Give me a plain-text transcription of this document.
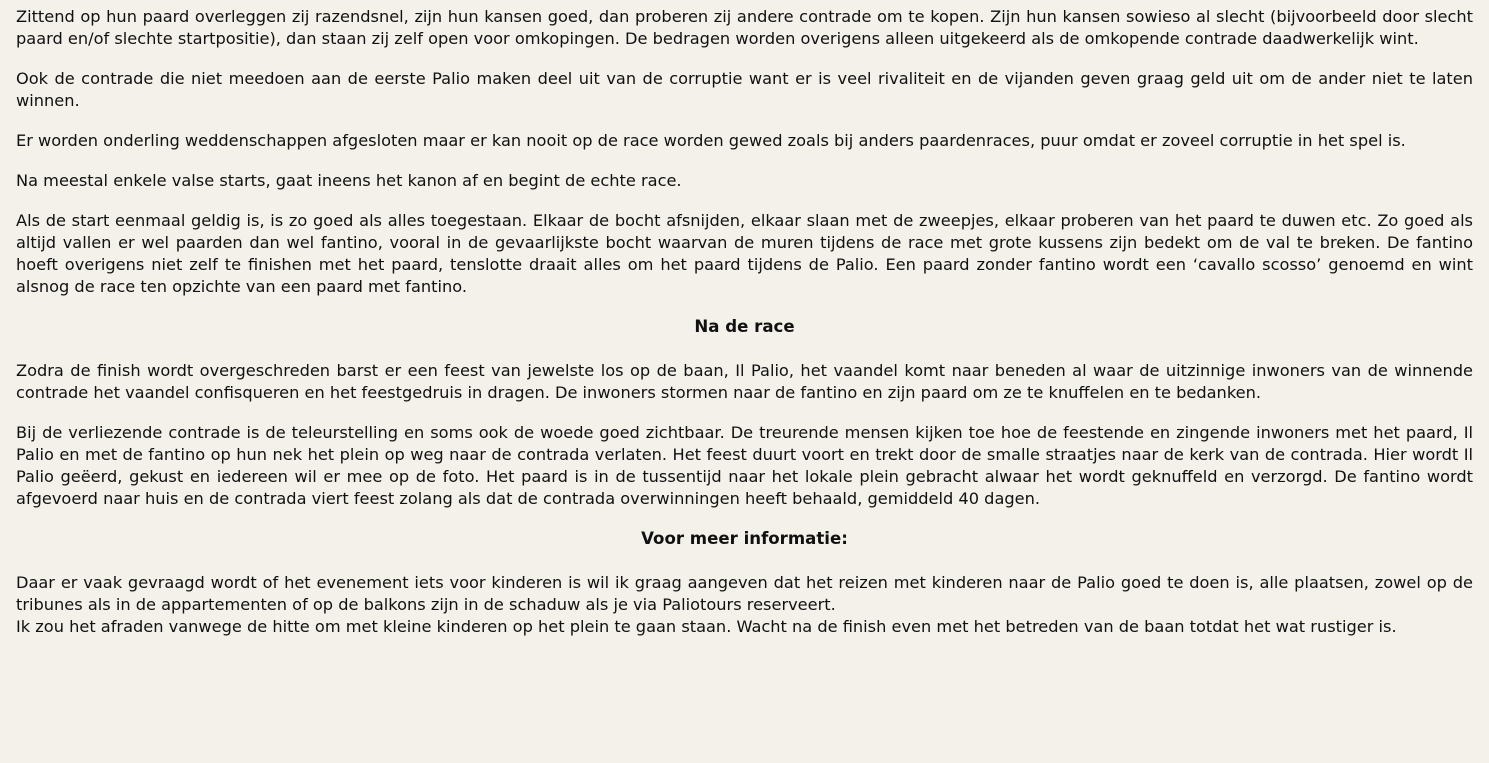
Zittend op hun paard overleggen zij razendsnel, zijn hun kansen goed, dan proberen zij andere contrade om te kopen. Zijn hun kansen sowieso al slecht (bijvoorbeeld door slecht paard en/of slechte startpositie), dan staan zij zelf open voor omkopingen. De bedragen worden overigens alleen uitgekeerd als de omkopende contrade daadwerkelijk wint.

Ook de contrade die niet meedoen aan de eerste Palio maken deel uit van de corruptie want er is veel rivaliteit en de vijanden geven graag geld uit om de ander niet te laten winnen.

Er worden onderling weddenschappen afgesloten maar er kan nooit op de race worden gewed zoals bij anders paardenraces, puur omdat er zoveel corruptie in het spel is.

Na meestal enkele valse starts, gaat ineens het kanon af en begint de echte race.

Als de start eenmaal geldig is, is zo goed als alles toegestaan. Elkaar de bocht afsnijden, elkaar slaan met de zweepjes, elkaar proberen van het paard te duwen etc. Zo goed als altijd vallen er wel paarden dan wel fantino, vooral in de gevaarlijkste bocht waarvan de muren tijdens de race met grote kussens zijn bedekt om de val te breken. De fantino hoeft overigens niet zelf te finishen met het paard, tenslotte draait alles om het paard tijdens de Palio. Een paard zonder fantino wordt een ‘cavallo scosso’ genoemd en wint alsnog de race ten opzichte van een paard met fantino.

Na de race

Zodra de finish wordt overgeschreden barst er een feest van jewelste los op de baan, Il Palio, het vaandel komt naar beneden al waar de uitzinnige inwoners van de winnende contrade het vaandel confisqueren en het feestgedruis in dragen. De inwoners stormen naar de fantino en zijn paard om ze te knuffelen en te bedanken.

Bij de verliezende contrade is de teleurstelling en soms ook de woede goed zichtbaar. De treurende mensen kijken toe hoe de feestende en zingende inwoners met het paard, Il Palio en met de fantino op hun nek het plein op weg naar de contrada verlaten. Het feest duurt voort en trekt door de smalle straatjes naar de kerk van de contrada. Hier wordt Il Palio geëerd, gekust en iedereen wil er mee op de foto. Het paard is in de tussentijd naar het lokale plein gebracht alwaar het wordt geknuffeld en verzorgd. De fantino wordt afgevoerd naar huis en de contrada viert feest zolang als dat de contrada overwinningen heeft behaald, gemiddeld 40 dagen.

Voor meer informatie:

Daar er vaak gevraagd wordt of het evenement iets voor kinderen is wil ik graag aangeven dat het reizen met kinderen naar de Palio goed te doen is, alle plaatsen, zowel op de tribunes als in de appartementen of op de balkons zijn in de schaduw als je via Paliotours reserveert.

Ik zou het afraden vanwege de hitte om met kleine kinderen op het plein te gaan staan. Wacht na de finish even met het betreden van de baan totdat het wat rustiger is.
